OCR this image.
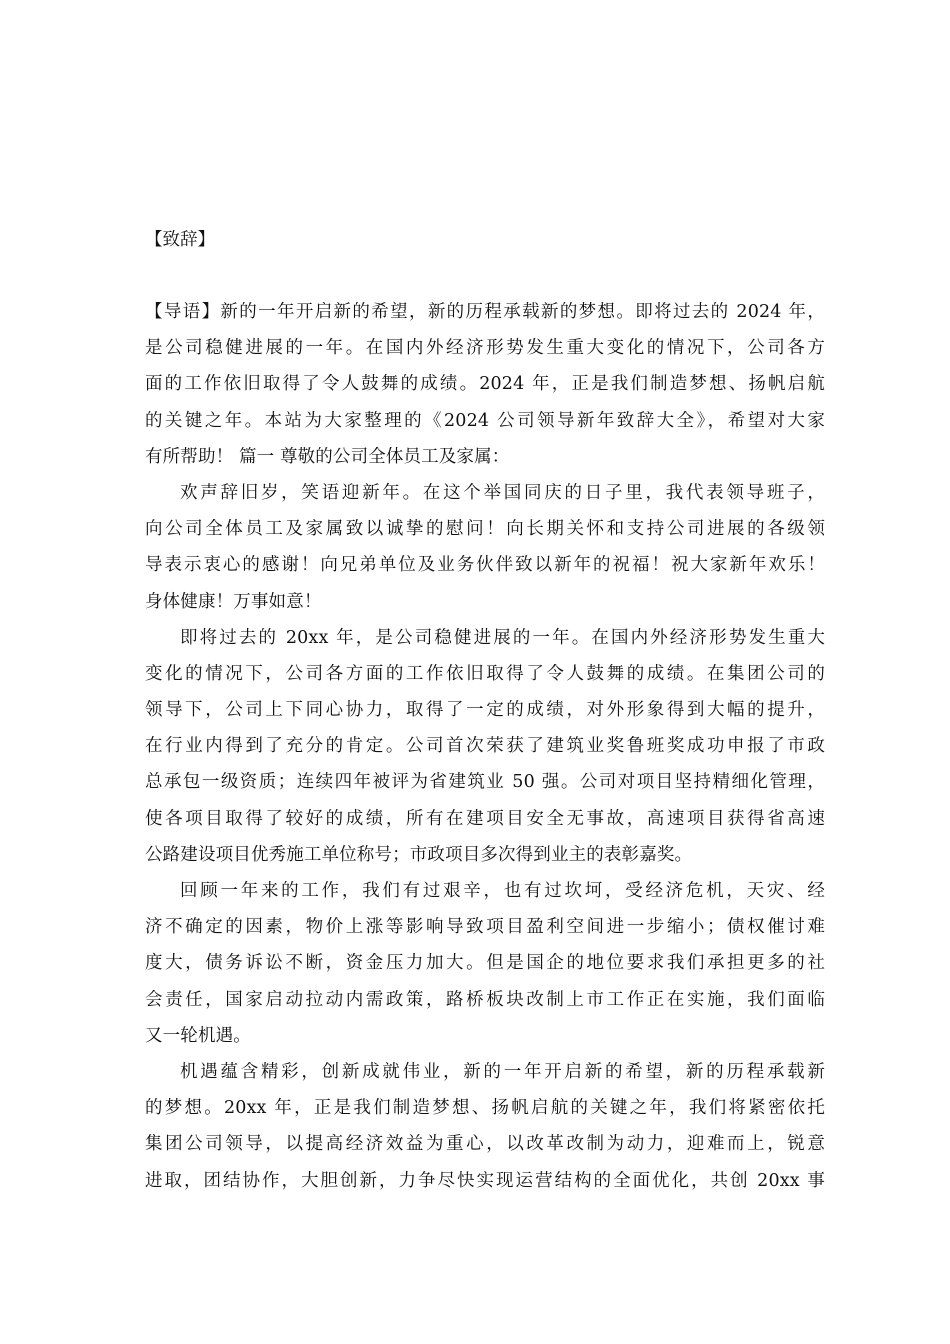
【致辞】
【导语】新的一年开启新的希望，新的历程承载新的梦想。即将过去的 2024 年，
是公司稳健进展的一年。在国内外经济形势发生重大变化的情况下，公司各方
面的工作依旧取得了令人鼓舞的成绩。2024 年，正是我们制造梦想、扬帆启航
的关键之年。本站为大家整理的《2024 公司领导新年致辞大全》，希望对大家
有所帮助！ 篇一 尊敬的公司全体员工及家属：
欢声辞旧岁，笑语迎新年。在这个举国同庆的日子里，我代表领导班子，
向公司全体员工及家属致以诚挚的慰问！向长期关怀和支持公司进展的各级领
导表示衷心的感谢！向兄弟单位及业务伙伴致以新年的祝福！祝大家新年欢乐！
身体健康！万事如意！
即将过去的 20xx 年，是公司稳健进展的一年。在国内外经济形势发生重大
变化的情况下，公司各方面的工作依旧取得了令人鼓舞的成绩。在集团公司的
领导下，公司上下同心协力，取得了一定的成绩，对外形象得到大幅的提升，
在行业内得到了充分的肯定。公司首次荣获了建筑业奖鲁班奖成功申报了市政
总承包一级资质；连续四年被评为省建筑业 50 强。公司对项目坚持精细化管理，
使各项目取得了较好的成绩，所有在建项目安全无事故，高速项目获得省高速
公路建设项目优秀施工单位称号；市政项目多次得到业主的表彰嘉奖。
回顾一年来的工作，我们有过艰辛，也有过坎坷，受经济危机，天灾、经
济不确定的因素，物价上涨等影响导致项目盈利空间进一步缩小；债权催讨难
度大，债务诉讼不断，资金压力加大。但是国企的地位要求我们承担更多的社
会责任，国家启动拉动内需政策，路桥板块改制上市工作正在实施，我们面临
又一轮机遇。
机遇蕴含精彩，创新成就伟业，新的一年开启新的希望，新的历程承载新
的梦想。20xx 年，正是我们制造梦想、扬帆启航的关键之年，我们将紧密依托
集团公司领导，以提高经济效益为重心，以改革改制为动力，迎难而上，锐意
进取，团结协作，大胆创新，力争尽快实现运营结构的全面优化，共创 20xx 事
